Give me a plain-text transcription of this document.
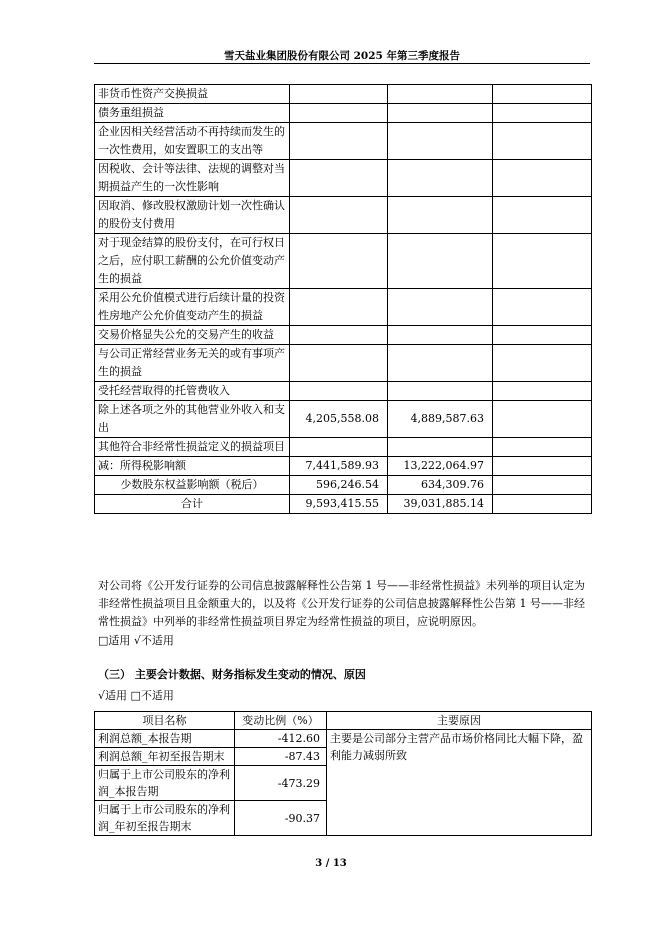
雪天盐业集团股份有限公司 2025 年第三季度报告
非货币性资产交换损益			
债务重组损益			
企业因相关经营活动不再持续而发生的一次性费用，如安置职工的支出等			
因税收、会计等法律、法规的调整对当期损益产生的一次性影响			
因取消、修改股权激励计划一次性确认的股份支付费用			
对于现金结算的股份支付，在可行权日之后，应付职工薪酬的公允价值变动产生的损益			
采用公允价值模式进行后续计量的投资性房地产公允价值变动产生的损益			
交易价格显失公允的交易产生的收益			
与公司正常经营业务无关的或有事项产生的损益			
受托经营取得的托管费收入			
除上述各项之外的其他营业外收入和支出	4,205,558.08	4,889,587.63	
其他符合非经常性损益定义的损益项目			
减：所得税影响额	7,441,589.93	13,222,064.97	
少数股东权益影响额（税后）	596,246.54	634,309.76	
合计	9,593,415.55	39,031,885.14	
对公司将《公开发行证券的公司信息披露解释性公告第 1 号——非经常性损益》未列举的项目认定为非经常性损益项目且金额重大的，以及将《公开发行证券的公司信息披露解释性公告第 1 号——非经常性损益》中列举的非经常性损益项目界定为经常性损益的项目，应说明原因。
□适用 √不适用
（三） 主要会计数据、财务指标发生变动的情况、原因
√适用 □不适用
项目名称	变动比例（%）	主要原因
利润总额_本报告期	-412.60	主要是公司部分主营产品市场价格同比大幅下降，盈利能力减弱所致
利润总额_年初至报告期末	-87.43	
归属于上市公司股东的净利润_本报告期	-473.29	
归属于上市公司股东的净利润_年初至报告期末	-90.37	
3 / 13
